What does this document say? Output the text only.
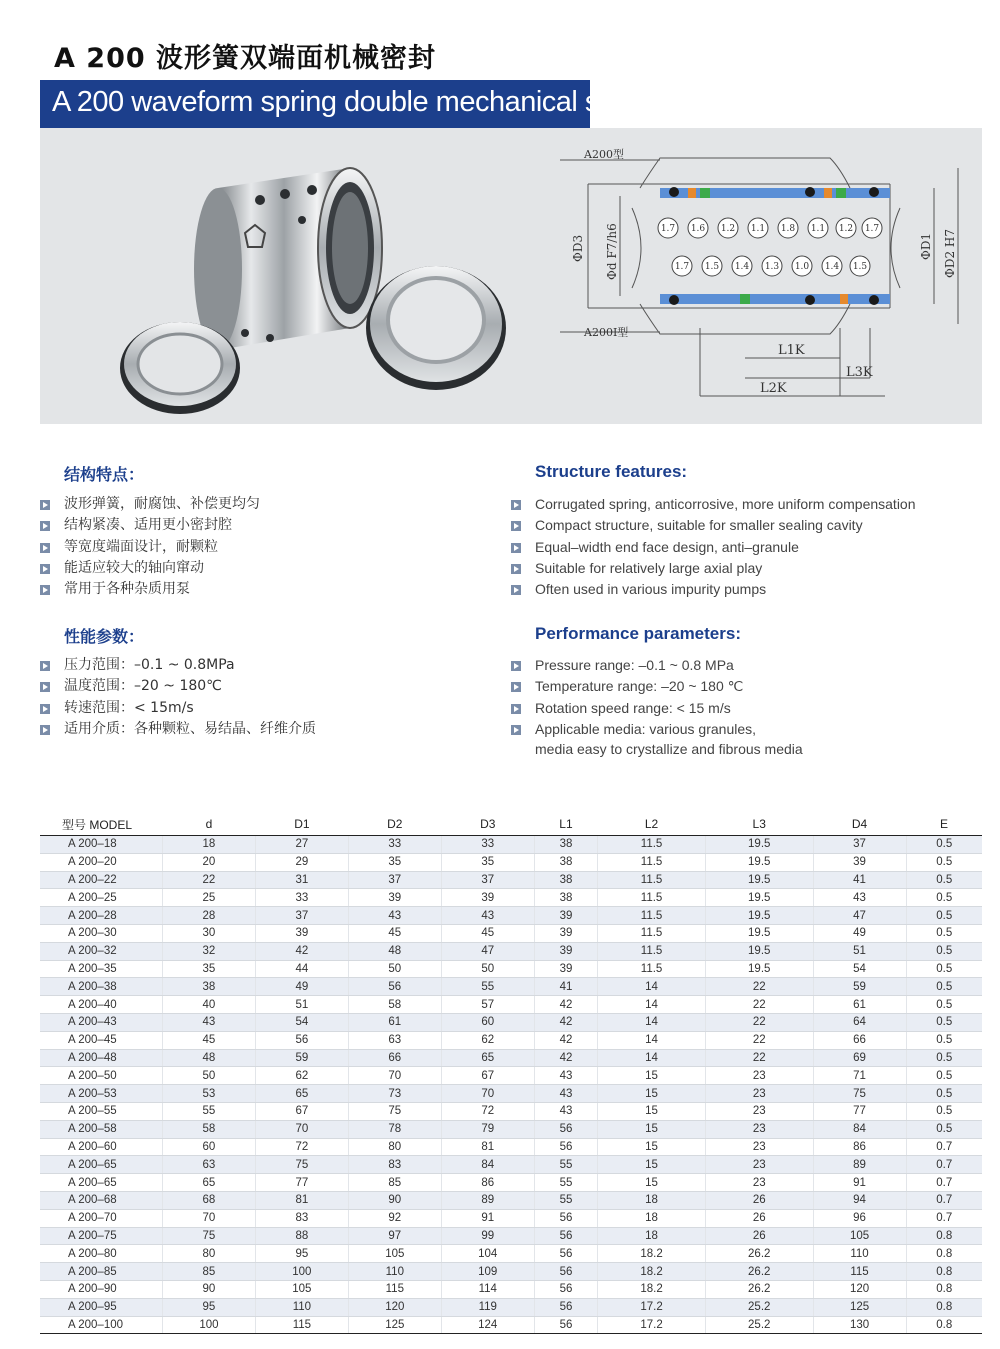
A 200 波形簧双端面机械密封
A 200 waveform spring double mechanical seal
1.7 1.6 1.2 1.1 1.8 1.1 1.2 1.7
1.7 1.5 1.4 1.3 1.0 1.4 1.5
A200型
A200I型
L1K
L2K
L3K
ΦD3 Φd F7/h6	ΦD1 ΦD2 H7
结构特点：	Structure features:
波形弹簧，耐腐蚀、补偿更均匀
结构紧凑、适用更小密封腔
等宽度端面设计，耐颗粒
能适应较大的轴向窜动
常用于各种杂质用泵
Corrugated spring, anticorrosive, more uniform compensation
Compact structure, suitable for smaller sealing cavity
Equal–width end face design, anti–granule
Suitable for relatively large axial play
Often used in various impurity pumps
性能参数：	Performance parameters:
压力范围：–0.1 ~ 0.8MPa
温度范围：–20 ~ 180℃
转速范围：< 15m/s
适用介质：各种颗粒、易结晶、纤维介质
Pressure range: –0.1 ~ 0.8 MPa
Temperature range: –20 ~ 180 ℃
Rotation speed range: < 15 m/s
Applicable media: various granules,
media easy to crystallize and fibrous media
型号 MODEL	d	D1	D2	D3	L1	L2	L3	D4	E
A 200–18	18	27	33	33	38	11.5	19.5	37	0.5
A 200–20	20	29	35	35	38	11.5	19.5	39	0.5
A 200–22	22	31	37	37	38	11.5	19.5	41	0.5
A 200–25	25	33	39	39	38	11.5	19.5	43	0.5
A 200–28	28	37	43	43	39	11.5	19.5	47	0.5
A 200–30	30	39	45	45	39	11.5	19.5	49	0.5
A 200–32	32	42	48	47	39	11.5	19.5	51	0.5
A 200–35	35	44	50	50	39	11.5	19.5	54	0.5
A 200–38	38	49	56	55	41	14	22	59	0.5
A 200–40	40	51	58	57	42	14	22	61	0.5
A 200–43	43	54	61	60	42	14	22	64	0.5
A 200–45	45	56	63	62	42	14	22	66	0.5
A 200–48	48	59	66	65	42	14	22	69	0.5
A 200–50	50	62	70	67	43	15	23	71	0.5
A 200–53	53	65	73	70	43	15	23	75	0.5
A 200–55	55	67	75	72	43	15	23	77	0.5
A 200–58	58	70	78	79	56	15	23	84	0.5
A 200–60	60	72	80	81	56	15	23	86	0.7
A 200–65	63	75	83	84	55	15	23	89	0.7
A 200–65	65	77	85	86	55	15	23	91	0.7
A 200–68	68	81	90	89	55	18	26	94	0.7
A 200–70	70	83	92	91	56	18	26	96	0.7
A 200–75	75	88	97	99	56	18	26	105	0.8
A 200–80	80	95	105	104	56	18.2	26.2	110	0.8
A 200–85	85	100	110	109	56	18.2	26.2	115	0.8
A 200–90	90	105	115	114	56	18.2	26.2	120	0.8
A 200–95	95	110	120	119	56	17.2	25.2	125	0.8
A 200–100	100	115	125	124	56	17.2	25.2	130	0.8
